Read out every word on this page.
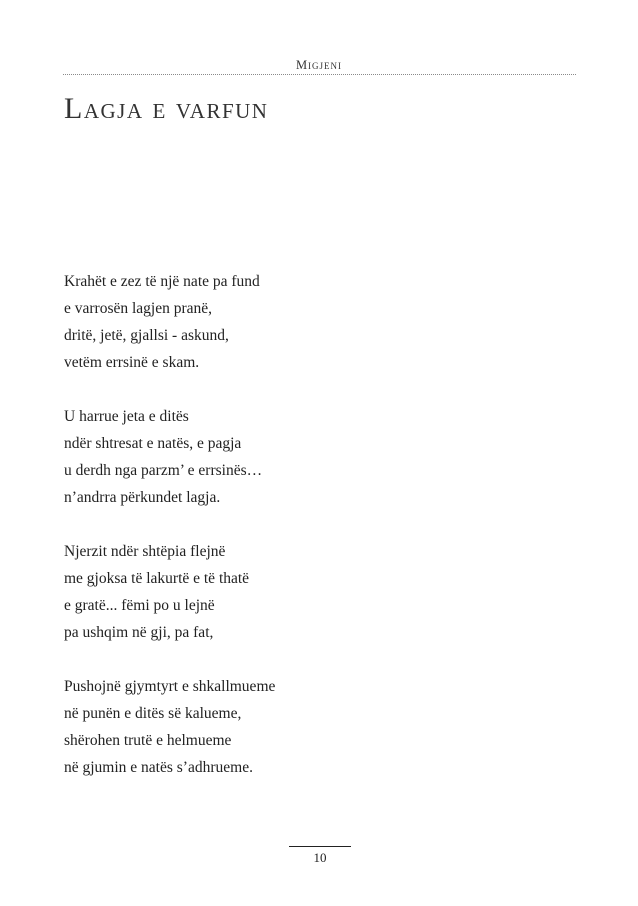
Migjeni
Lagja e varfun
Krahët e zez të një nate pa fund
e varrosën lagjen pranë,
dritë, jetë, gjallsi - askund,
vetëm errsinë e skam.
U harrue jeta e ditës
ndër shtresat e natës, e pagja
u derdh nga parzm’ e errsinës…
n’andrra përkundet lagja.
Njerzit ndër shtëpia flejnë
me gjoksa të lakurtë e të thatë
e gratë... fëmi po u lejnë
pa ushqim në gji, pa fat,
Pushojnë gjymtyrt e shkallmueme
në punën e ditës së kalueme,
shërohen trutë e helmueme
në gjumin e natës s’adhrueme.
10
